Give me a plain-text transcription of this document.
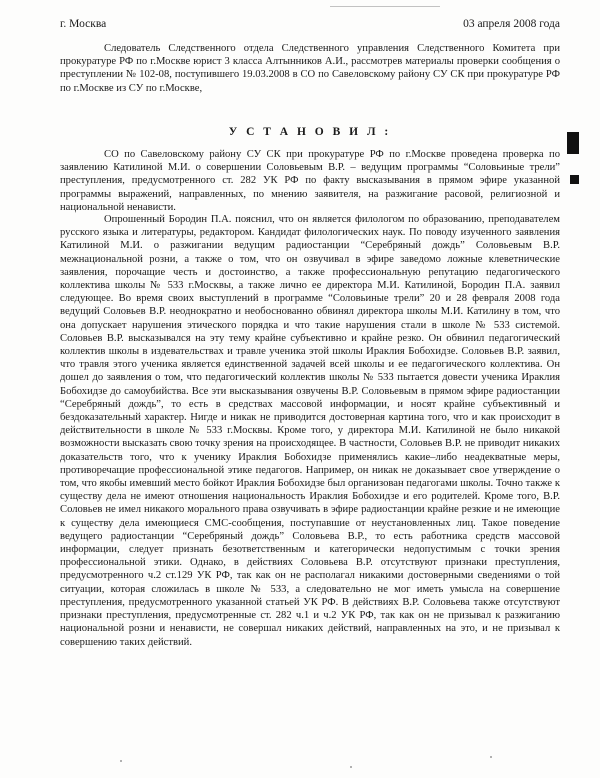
г. Москва	03 апреля 2008 года

Следователь Следственного отдела Следственного управления Следственного Комитета при прокуратуре РФ по г.Москве юрист 3 класса Алтынников А.И., рассмотрев материалы проверки сообщения о преступлении № 102-08, поступившего 19.03.2008 в СО по Савеловскому району СУ СК при прокуратуре РФ по г.Москве из СУ по г.Москве,

У С Т А Н О В И Л :

СО по Савеловскому району СУ СК при прокуратуре РФ по г.Москве проведена проверка по заявлению Катилиной М.И. о совершении Соловьевым В.Р. – ведущим программы “Соловьиные трели” преступления, предусмотренного ст. 282 УК РФ по факту высказывания в прямом эфире указанной программы выражений, направленных, по мнению заявителя, на разжигание расовой, религиозной и национальной ненависти.

Опрошенный Бородин П.А. пояснил, что он является филологом по образованию, преподавателем русского языка и литературы, редактором. Кандидат филологических наук. По поводу изученного заявления Катилиной М.И. о разжигании ведущим радиостанции “Серебряный дождь” Соловьевым В.Р. межнациональной розни, а также о том, что он озвучивал в эфире заведомо ложные клеветнические заявления, порочащие честь и достоинство, а также профессиональную репутацию педагогического коллектива школы № 533 г.Москвы, а также лично ее директора М.И. Катилиной, Бородин П.А. заявил следующее. Во время своих выступлений в программе “Соловьиные трели” 20 и 28 февраля 2008 года ведущий Соловьев В.Р. неоднократно и необоснованно обвинял директора школы М.И. Катилину в том, что она допускает нарушения этического порядка и что такие нарушения стали в школе № 533 системой. Соловьев В.Р. высказывался на эту тему крайне субъективно и крайне резко. Он обвинил педагогический коллектив школы в издевательствах и травле ученика этой школы Ираклия Бобохидзе. Соловьев В.Р. заявил, что травля этого ученика является единственной задачей всей школы и ее педагогического коллектива. Он дошел до заявления о том, что педагогический коллектив школы № 533 пытается довести ученика Ираклия Бобохидзе до самоубийства. Все эти высказывания озвучены В.Р. Соловьевым в прямом эфире радиостанции “Серебряный дождь”, то есть в средствах массовой информации, и носят крайне субъективный и бездоказательный характер. Нигде и никак не приводится достоверная картина того, что и как происходит в действительности в школе № 533 г.Москвы. Кроме того, у директора М.И. Катилиной не было никакой возможности высказать свою точку зрения на происходящее. В частности, Соловьев В.Р. не приводит никаких доказательств того, что к ученику Ираклия Бобохидзе применялись какие–либо неадекватные меры, противоречащие профессиональной этике педагогов. Например, он никак не доказывает свое утверждение о том, что якобы имевший место бойкот Ираклия Бобохидзе был организован педагогами школы. Точно также к существу дела не имеют отношения национальность Ираклия Бобохидзе и его родителей. Кроме того, В.Р. Соловьев не имел никакого морального права озвучивать в эфире радиостанции крайне резкие и не имеющие к существу дела имеющиеся СМС-сообщения, поступавшие от неустановленных лиц. Такое поведение ведущего радиостанции “Серебряный дождь” Соловьева В.Р., то есть работника средств массовой информации, следует признать безответственным и категорически недопустимым с точки зрения профессиональной этики. Однако, в действиях Соловьева В.Р. отсутствуют признаки преступления, предусмотренного ч.2 ст.129 УК РФ, так как он не располагал никакими достоверными сведениями о той ситуации, которая сложилась в школе № 533, а следовательно не мог иметь умысла на совершение преступления, предусмотренного указанной статьей УК РФ. В действиях В.Р. Соловьева также отсутствуют признаки преступления, предусмотренные ст. 282 ч.1 и ч.2 УК РФ, так как он не призывал к разжиганию национальной розни и ненависти, не совершал никаких действий, направленных на это, и не призывал к совершению таких действий.
